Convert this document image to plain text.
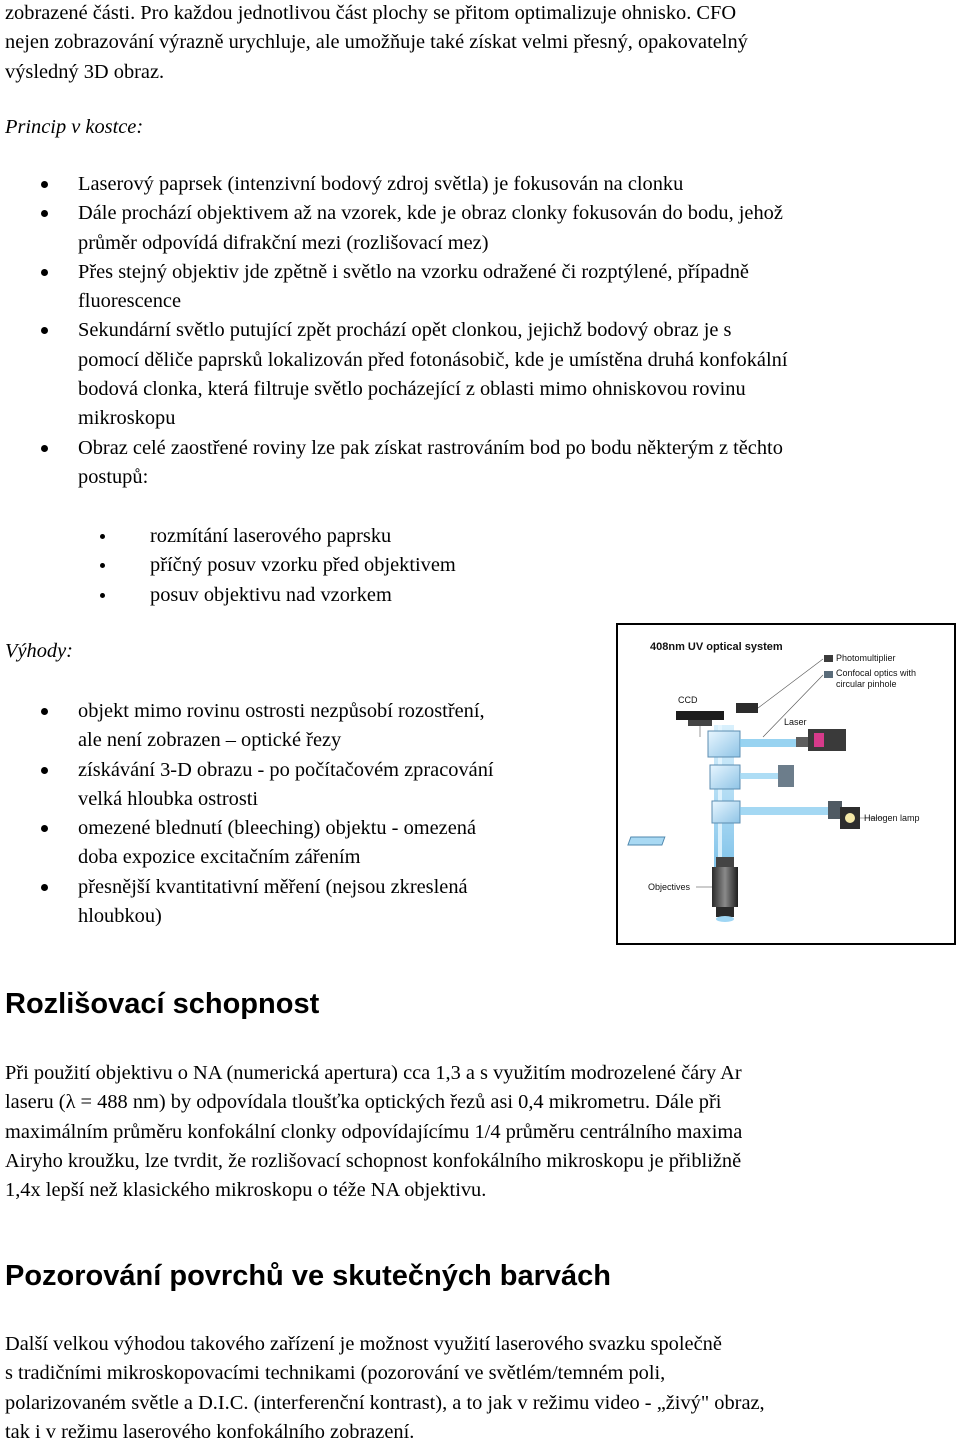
zobrazené části. Pro každou jednotlivou část plochy se přitom optimalizuje ohnisko. CFO

nejen zobrazování výrazně urychluje, ale umožňuje také získat velmi přesný, opakovatelný

výsledný 3D obraz.

Princip v kostce:

Laserový paprsek (intenzivní bodový zdroj světla) je fokusován na clonku

Dále prochází objektivem až na vzorek, kde je obraz clonky fokusován do bodu, jehož

průměr odpovídá difrakční mezi (rozlišovací mez)

Přes stejný objektiv jde zpětně i světlo na vzorku odražené či rozptýlené, případně

fluorescence

Sekundární světlo putující zpět prochází opět clonkou, jejichž bodový obraz je s

pomocí děliče paprsků lokalizován před fotonásobič, kde je umístěna druhá konfokální

bodová clonka, která filtruje světlo pocházející z oblasti mimo ohniskovou rovinu

mikroskopu

Obraz celé zaostřené roviny lze pak získat rastrováním bod po bodu některým z těchto

postupů:

rozmítání laserového paprsku
příčný posuv vzorku před objektivem
posuv objektivu nad vzorkem

Výhody:

objekt mimo rovinu ostrosti nezpůsobí rozostření,

ale není zobrazen – optické řezy

získávání 3-D obrazu - po počítačovém zpracování

velká hloubka ostrosti

omezené blednutí (bleeching) objektu - omezená

doba expozice excitačním zářením

přesnější kvantitativní měření (nejsou zkreslená

hloubkou)

Rozlišovací schopnost

Při použití objektivu o NA (numerická apertura) cca 1,3 a s využitím modrozelené čáry Ar

laseru (λ = 488 nm) by odpovídala tloušťka optických řezů asi 0,4 mikrometru. Dále při

maximálním průměru konfokální clonky odpovídajícímu 1/4 průměru centrálního maxima

Airyho kroužku, lze tvrdit, že rozlišovací schopnost konfokálního mikroskopu je přibližně

1,4x lepší než klasického mikroskopu o téže NA objektivu.

Pozorování povrchů ve skutečných barvách

Další velkou výhodou takového zařízení je možnost využití laserového svazku společně

s tradičními mikroskopovacími technikami (pozorování ve světlém/temném poli,

polarizovaném světle a D.I.C. (interferenční kontrast), a to jak v režimu video - „živý" obraz,

tak i v režimu laserového konfokálního zobrazení.

408nm UV optical system
Photomultiplier
Confocal optics with
circular pinhole
CCD
Laser
Halogen lamp
Objectives
